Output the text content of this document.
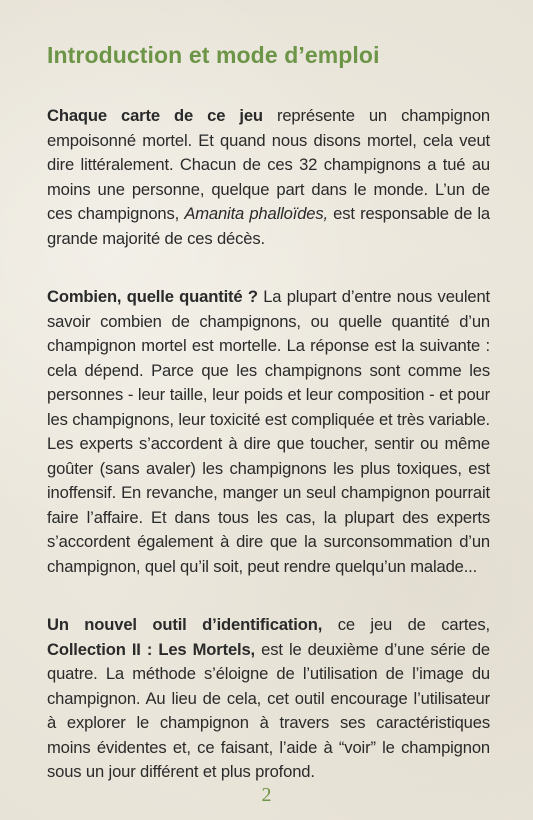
Introduction et mode d’emploi

Chaque carte de ce jeu représente un champignon empoisonné mortel. Et quand nous disons mortel, cela veut dire littéralement. Chacun de ces 32 champignons a tué au moins une personne, quelque part dans le monde. L’un de ces champignons, Amanita phalloïdes, est responsable de la grande majorité de ces décès.

Combien, quelle quantité ? La plupart d’entre nous veulent savoir combien de champignons, ou quelle quantité d’un champignon mortel est mortelle. La réponse est la suivante : cela dépend. Parce que les champignons sont comme les personnes - leur taille, leur poids et leur composition - et pour les champignons, leur toxicité est compliquée et très variable. Les experts s’accordent à dire que toucher, sentir ou même goûter (sans avaler) les champignons les plus toxiques, est inoffensif. En revanche, manger un seul champignon pourrait faire l’affaire. Et dans tous les cas, la plupart des experts s’accordent également à dire que la surconsommation d’un champignon, quel qu’il soit, peut rendre quelqu’un malade...

Un nouvel outil d’identification, ce jeu de cartes, Collection II : Les Mortels, est le deuxième d’une série de quatre. La méthode s’éloigne de l’utilisation de l’image du champignon. Au lieu de cela, cet outil encourage l’utilisateur à explorer le champignon à travers ses caractéristiques moins évidentes et, ce faisant, l’aide à “voir” le champignon sous un jour différent et plus profond.

2
